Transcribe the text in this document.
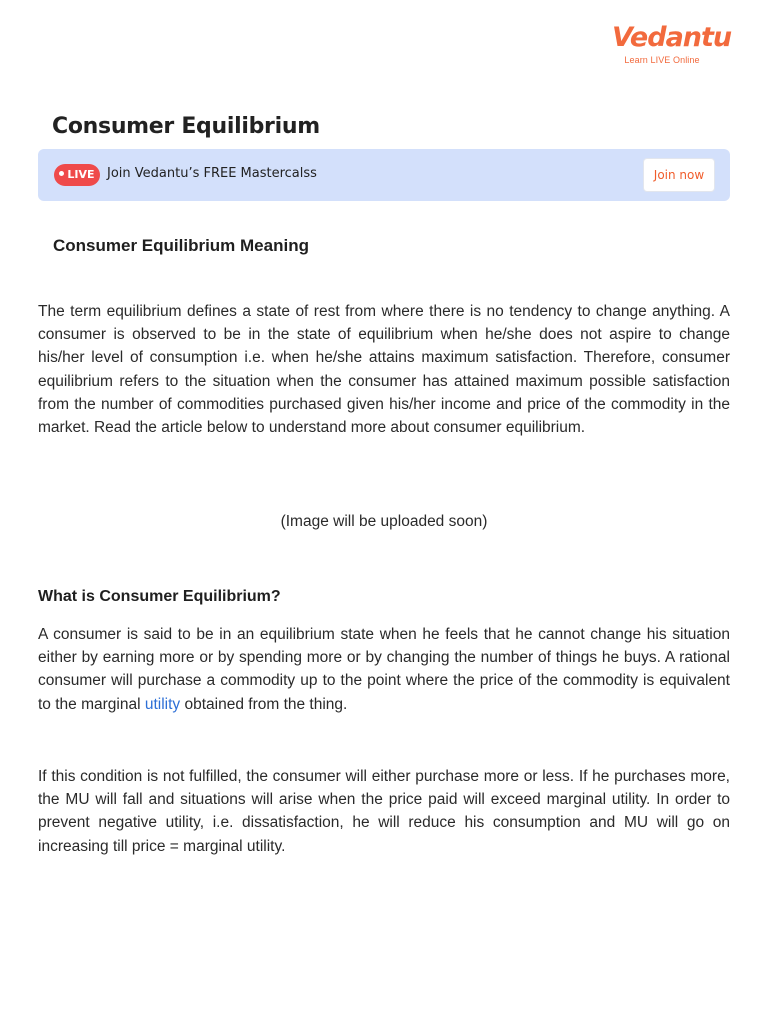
Vedantu
Learn LIVE Online
Consumer Equilibrium
LIVE Join Vedantu’s FREE Mastercalss	Join now
Consumer Equilibrium Meaning

The term equilibrium defines a state of rest from where there is no tendency to change anything. A consumer is observed to be in the state of equilibrium when he/she does not aspire to change his/her level of consumption i.e. when he/she attains maximum satisfaction. Therefore, consumer equilibrium refers to the situation when the consumer has attained maximum possible satisfaction from the number of commodities purchased given his/her income and price of the commodity in the market. Read the article below to understand more about consumer equilibrium.

(Image will be uploaded soon)

What is Consumer Equilibrium?

A consumer is said to be in an equilibrium state when he feels that he cannot change his situation either by earning more or by spending more or by changing the number of things he buys. A rational consumer will purchase a commodity up to the point where the price of the commodity is equivalent to the marginal utility obtained from the thing.

If this condition is not fulfilled, the consumer will either purchase more or less. If he purchases more, the MU will fall and situations will arise when the price paid will exceed marginal utility. In order to prevent negative utility, i.e. dissatisfaction, he will reduce his consumption and MU will go on increasing till price = marginal utility.
